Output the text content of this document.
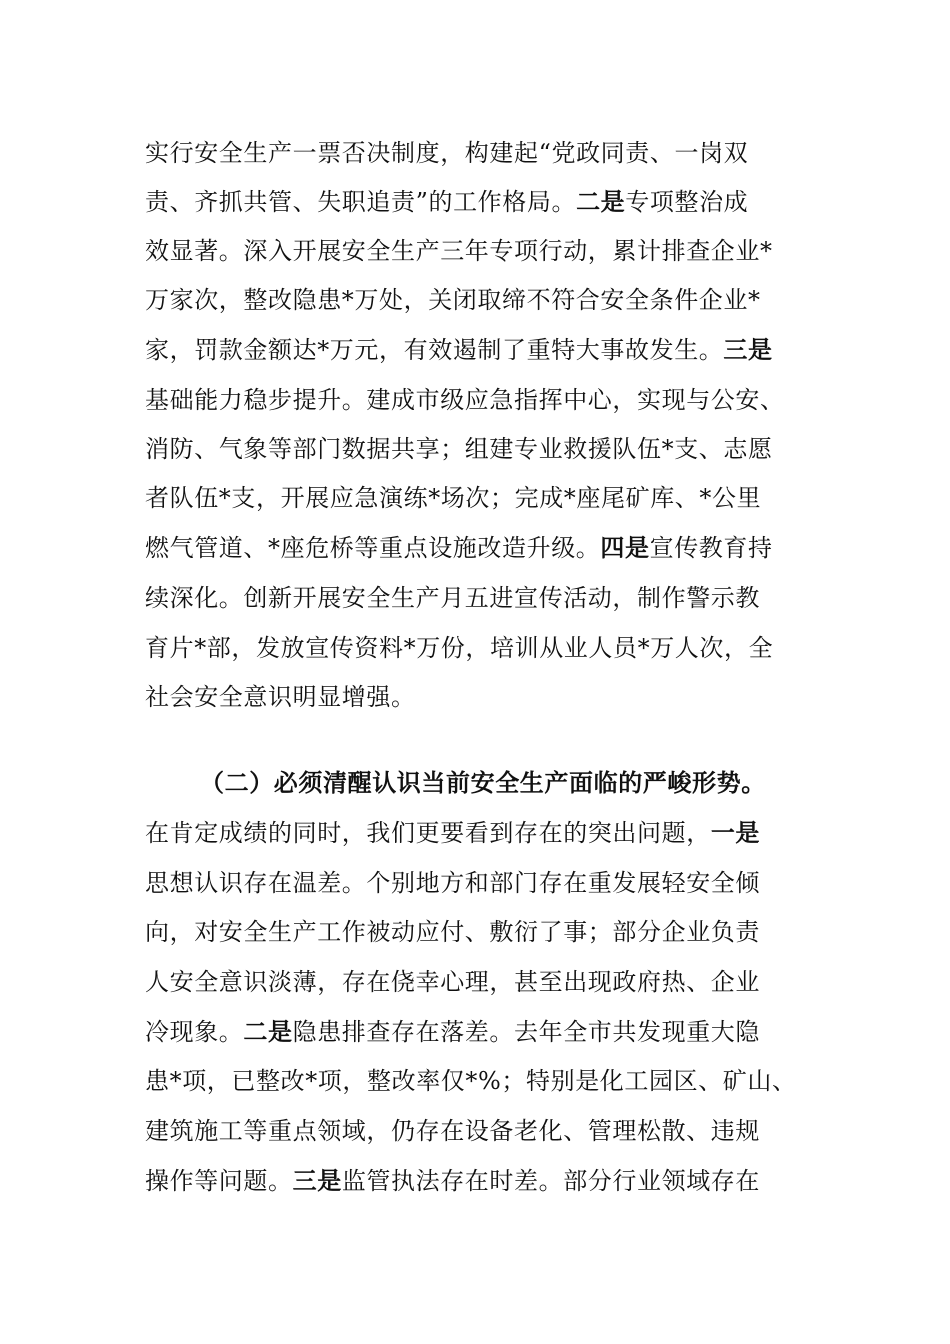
实行安全生产一票否决制度，构建起“党政同责、一岗双
责、齐抓共管、失职追责”的工作格局。二是专项整治成
效显著。深入开展安全生产三年专项行动，累计排查企业*
万家次，整改隐患*万处，关闭取缔不符合安全条件企业*
家，罚款金额达*万元，有效遏制了重特大事故发生。三是
基础能力稳步提升。建成市级应急指挥中心，实现与公安、
消防、气象等部门数据共享；组建专业救援队伍*支、志愿
者队伍*支，开展应急演练*场次；完成*座尾矿库、*公里
燃气管道、*座危桥等重点设施改造升级。四是宣传教育持
续深化。创新开展安全生产月五进宣传活动，制作警示教
育片*部，发放宣传资料*万份，培训从业人员*万人次，全
社会安全意识明显增强。
（二）必须清醒认识当前安全生产面临的严峻形势。
在肯定成绩的同时，我们更要看到存在的突出问题，一是
思想认识存在温差。个别地方和部门存在重发展轻安全倾
向，对安全生产工作被动应付、敷衍了事；部分企业负责
人安全意识淡薄，存在侥幸心理，甚至出现政府热、企业
冷现象。二是隐患排查存在落差。去年全市共发现重大隐
患*项，已整改*项，整改率仅*%；特别是化工园区、矿山、
建筑施工等重点领域，仍存在设备老化、管理松散、违规
操作等问题。三是监管执法存在时差。部分行业领域存在
